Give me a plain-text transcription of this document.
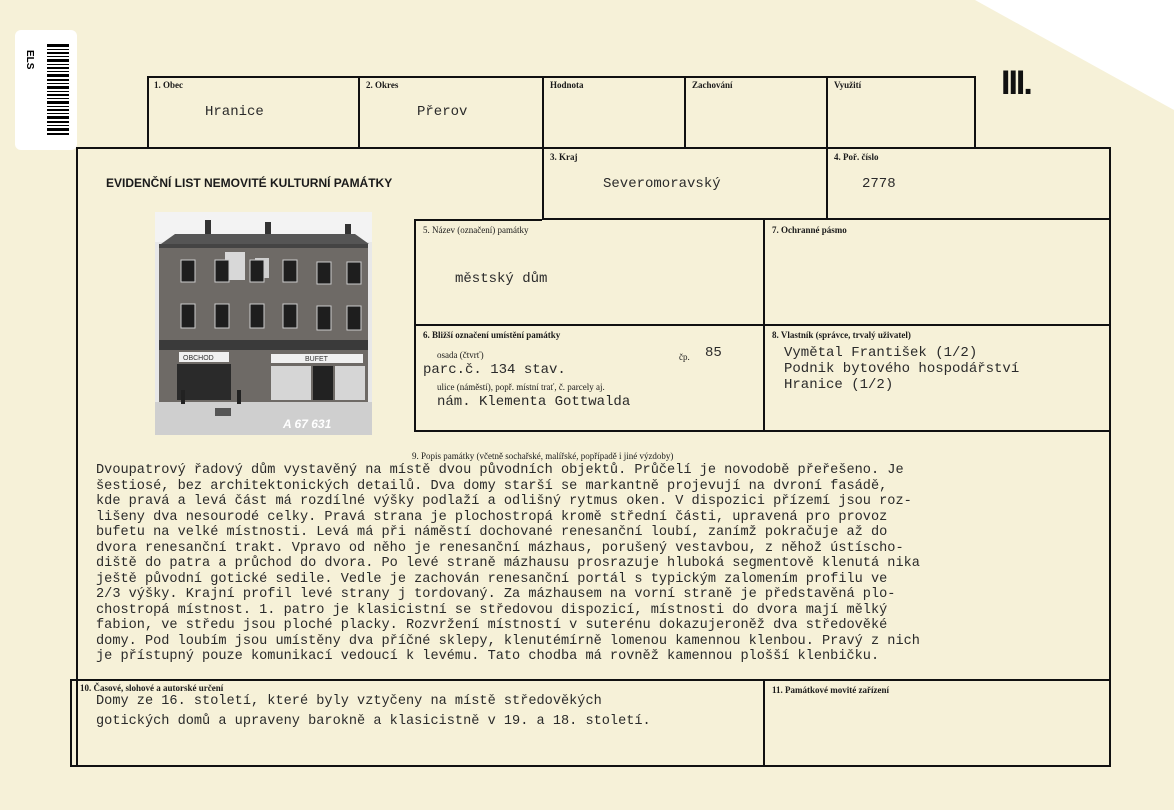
ELS
III.
1. Obec
Hranice
2. Okres
Přerov
Hodnota	Zachování	Využití
EVIDENČNÍ LIST NEMOVITÉ KULTURNÍ PAMÁTKY
3. Kraj
Severomoravský
4. Poř. číslo
2778
5. Název (označení) památky
městský dům
7. Ochranné pásmo
6. Bližší označení umístění památky
osada (čtvrť)
parc.č. 134 stav.
čp. 85
ulice (náměstí), popř. místní trať, č. parcely aj.
nám. Klementa Gottwalda
8. Vlastník (správce, trvalý uživatel)
Vymětal František (1/2)
Podnik bytového hospodářství
Hranice (1/2)
OBCHOD	BUFET
A 67 631
9. Popis památky (včetně sochařské, malířské, popřípadě i jiné výzdoby)
Dvoupatrový řadový dům vystavěný na místě dvou původních objektů. Průčelí je novodobě přeřešeno. Je
šestiosé, bez architektonických detailů. Dva domy starší se markantně projevují na dvroní fasádě,
kde pravá a levá část má rozdílné výšky podlaží a odlišný rytmus oken. V dispozici přízemí jsou roz-
lišeny dva nesourodé celky. Pravá strana je plochostropá kromě střední části, upravená pro provoz
bufetu na velké místnosti. Levá má při náměstí dochované renesanční loubí, zanímž pokračuje až do
dvora renesanční trakt. Vpravo od něho je renesanční mázhaus, porušený vestavbou, z něhož ústíscho-
diště do patra a průchod do dvora. Po levé straně mázhausu prosrazuje hluboká segmentově klenutá nika
ještě původní gotické sedile. Vedle je zachován renesanční portál s typickým zalomením profilu ve
2/3 výšky. Krajní profil levé strany j tordovaný. Za mázhausem na vorní straně je představěná plo-
chostropá místnost. 1. patro je klasicistní se středovou dispozicí, místnosti do dvora mají mělký
fabion, ve středu jsou ploché placky. Rozvržení místností v suterénu dokazujeroněž dva středověké
domy. Pod loubím jsou umístěny dva příčné sklepy, klenutémírně lomenou kamennou klenbou. Pravý z nich
je přístupný pouze komunikací vedoucí k levému. Tato chodba má rovněž kamennou plošší klenbičku.
10. Časové, slohové a autorské určení
Domy ze 16. století, které byly vztyčeny na místě středověkých
gotických domů a upraveny barokně a klasicistně v 19. a 18. století.
11. Památkové movité zařízení
